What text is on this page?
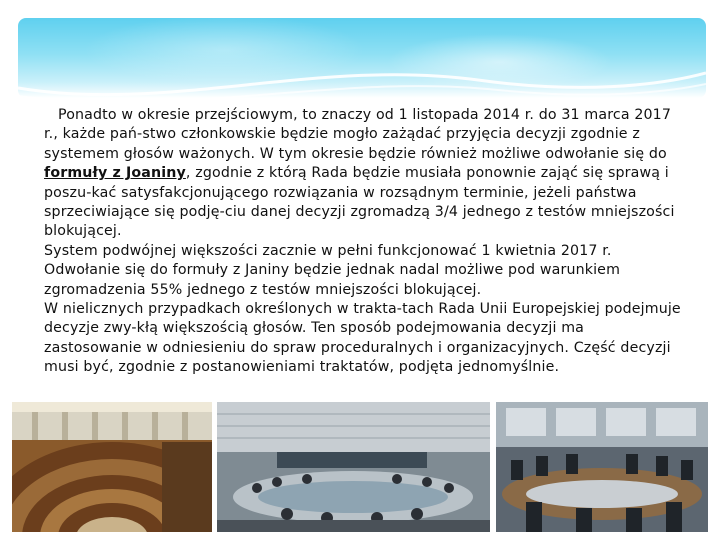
Ponadto w okresie przejściowym, to znaczy od 1 listopada 2014 r. do 31 marca 2017 r., każde pań-stwo członkowskie będzie mogło zażądać przyjęcia decyzji zgodnie z systemem głosów ważonych. W tym okresie będzie również możliwe odwołanie się do formuły z Joaniny, zgodnie z którą Rada będzie musiała ponownie zająć się sprawą i poszu-kać satysfakcjonującego rozwiązania w rozsądnym terminie, jeżeli państwa sprzeciwiające się podję-ciu danej decyzji zgromadzą 3/4 jednego z testów mniejszości blokującej.

System podwójnej większości zacznie w pełni funkcjonować 1 kwietnia 2017 r. Odwołanie się do formuły z Janiny będzie jednak nadal możliwe pod warunkiem zgromadzenia 55% jednego z testów mniejszości blokującej.

W nielicznych przypadkach określonych w trakta-tach Rada Unii Europejskiej podejmuje decyzje zwy-kłą większością głosów. Ten sposób podejmowania decyzji ma zastosowanie w odniesieniu do spraw proceduralnych i organizacyjnych. Część decyzji musi być, zgodnie z postanowieniami traktatów, podjęta jednomyślnie.
